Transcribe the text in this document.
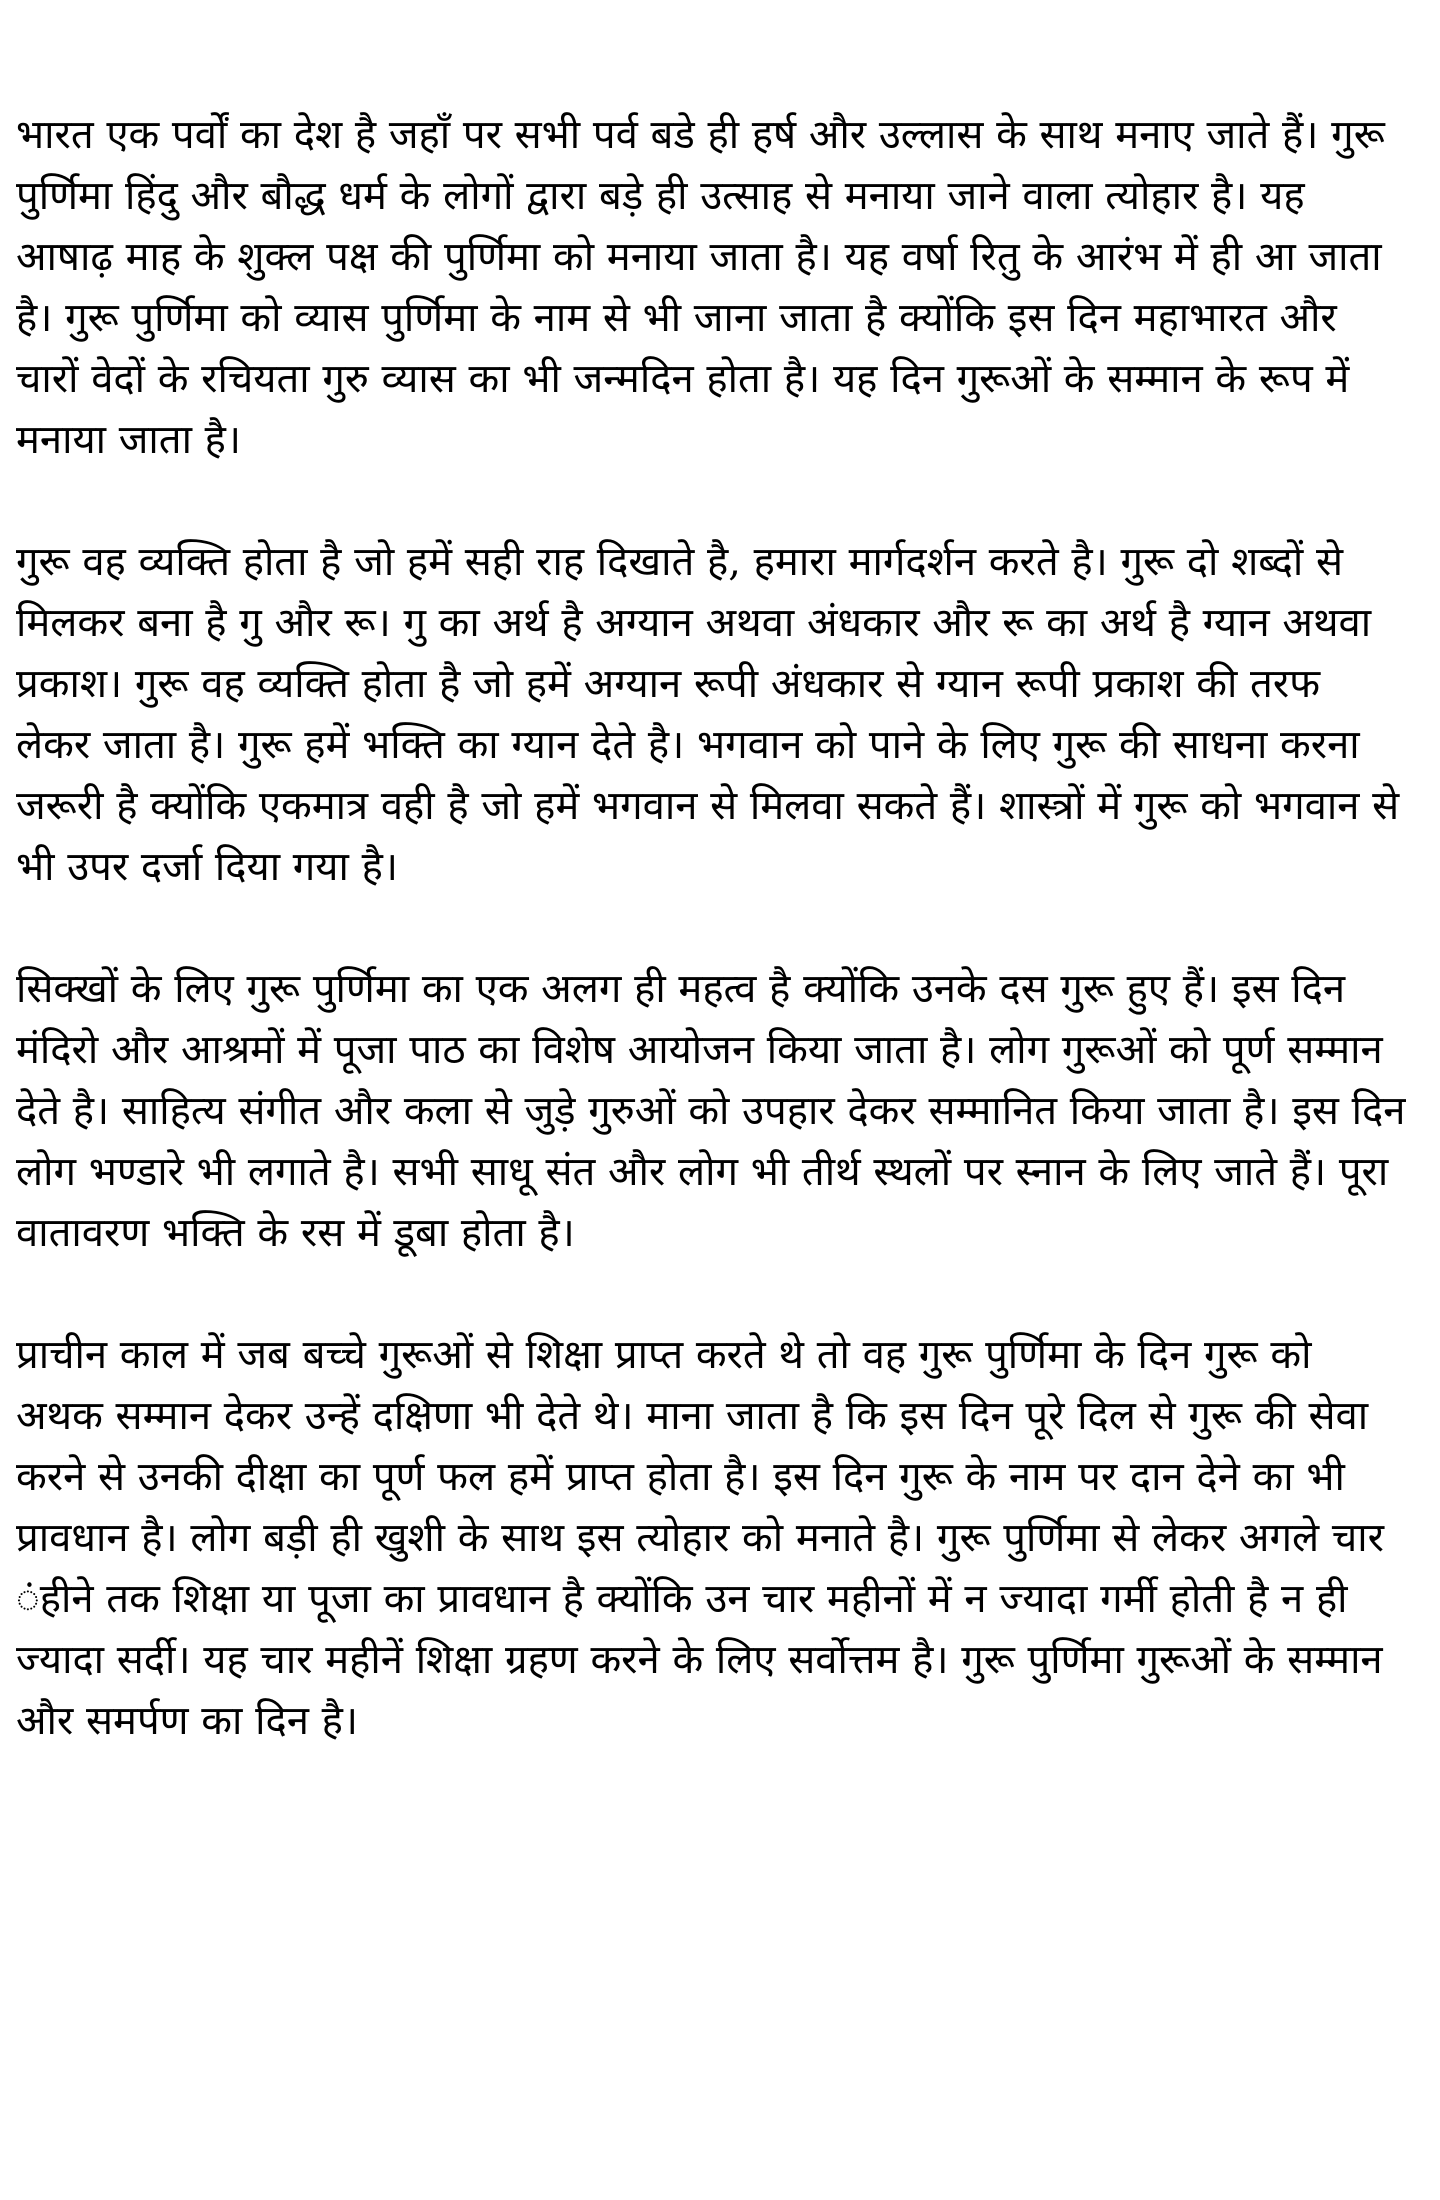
भारत एक पर्वों का देश है जहाँ पर सभी पर्व बडे ही हर्ष और उल्लास के साथ मनाए जाते हैं। गुरू पुर्णिमा हिंदु और बौद्ध धर्म के लोगों द्वारा बड़े ही उत्साह से मनाया जाने वाला त्योहार है। यह आषाढ़ माह के शुक्ल पक्ष की पुर्णिमा को मनाया जाता है। यह वर्षा रितु के आरंभ में ही आ जाता है। गुरू पुर्णिमा को व्यास पुर्णिमा के नाम से भी जाना जाता है क्योंकि इस दिन महाभारत और चारों वेदों के रचियता गुरु व्यास का भी जन्मदिन होता है। यह दिन गुरूओं के सम्मान के रूप में मनाया जाता है।

गुरू वह व्यक्ति होता है जो हमें सही राह दिखाते है, हमारा मार्गदर्शन करते है। गुरू दो शब्दों से मिलकर बना है गु और रू। गु का अर्थ है अग्यान अथवा अंधकार और रू का अर्थ है ग्यान अथवा प्रकाश। गुरू वह व्यक्ति होता है जो हमें अग्यान रूपी अंधकार से ग्यान रूपी प्रकाश की तरफ लेकर जाता है। गुरू हमें भक्ति का ग्यान देते है। भगवान को पाने के लिए गुरू की साधना करना जरूरी है क्योंकि एकमात्र वही है जो हमें भगवान से मिलवा सकते हैं। शास्त्रों में गुरू को भगवान से भी उपर दर्जा दिया गया है।

सिक्खों के लिए गुरू पुर्णिमा का एक अलग ही महत्व है क्योंकि उनके दस गुरू हुए हैं। इस दिन मंदिरो और आश्रमों में पूजा पाठ का विशेष आयोजन किया जाता है। लोग गुरूओं को पूर्ण सम्मान देते है। साहित्य संगीत और कला से जुड़े गुरुओं को उपहार देकर सम्मानित किया जाता है। इस दिन लोग भण्डारे भी लगाते है। सभी साधू संत और लोग भी तीर्थ स्थलों पर स्नान के लिए जाते हैं। पूरा वातावरण भक्ति के रस में डूबा होता है।

प्राचीन काल में जब बच्चे गुरूओं से शिक्षा प्राप्त करते थे तो वह गुरू पुर्णिमा के दिन गुरू को अथक सम्मान देकर उन्हें दक्षिणा भी देते थे। माना जाता है कि इस दिन पूरे दिल से गुरू की सेवा करने से उनकी दीक्षा का पूर्ण फल हमें प्राप्त होता है। इस दिन गुरू के नाम पर दान देने का भी प्रावधान है। लोग बड़ी ही खुशी के साथ इस त्योहार को मनाते है। गुरू पुर्णिमा से लेकर अगले चार ंहीने तक शिक्षा या पूजा का प्रावधान है क्योंकि उन चार महीनों में न ज्यादा गर्मी होती है न ही ज्यादा सर्दी। यह चार महीनें शिक्षा ग्रहण करने के लिए सर्वोत्तम है। गुरू पुर्णिमा गुरूओं के सम्मान और समर्पण का दिन है।
